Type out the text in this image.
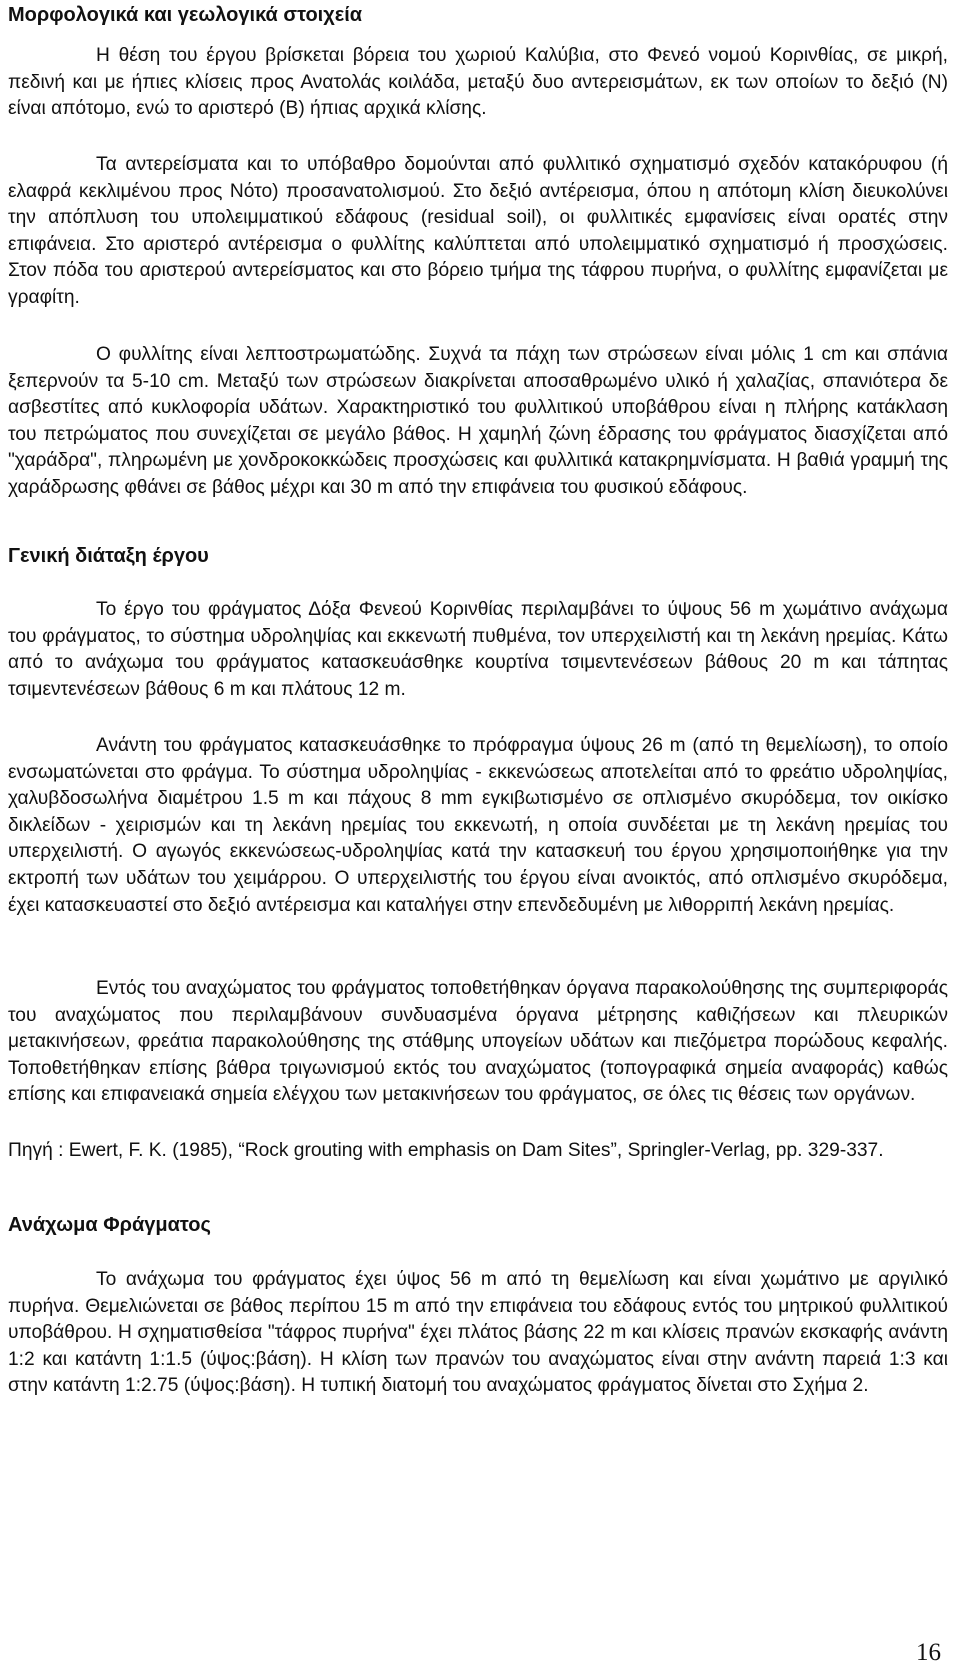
Μορφολογικά και γεωλογικά στοιχεία

Η θέση του έργου βρίσκεται βόρεια του χωριού Καλύβια, στο Φενεό νομού Κορινθίας, σε μικρή, πεδινή και με ήπιες κλίσεις προς Ανατολάς κοιλάδα, μεταξύ δυο αντερεισμάτων, εκ των οποίων το δεξιό (Ν) είναι απότομο, ενώ το αριστερό (Β) ήπιας αρχικά κλίσης.

Τα αντερείσματα και το υπόβαθρο δομούνται από φυλλιτικό σχηματισμό σχεδόν κατακόρυφου (ή ελαφρά κεκλιμένου προς Νότο) προσανατολισμού. Στο δεξιό αντέρεισμα, όπου η απότομη κλίση διευκολύνει την απόπλυση του υπολειμματικού εδάφους (residual soil), οι φυλλιτικές εμφανίσεις είναι ορατές στην επιφάνεια. Στο αριστερό αντέρεισμα ο φυλλίτης καλύπτεται από υπολειμματικό σχηματισμό ή προσχώσεις. Στον πόδα του αριστερού αντερείσματος και στο βόρειο τμήμα της τάφρου πυρήνα, ο φυλλίτης εμφανίζεται με γραφίτη.

Ο φυλλίτης είναι λεπτοστρωματώδης. Συχνά τα πάχη των στρώσεων είναι μόλις 1 cm και σπάνια ξεπερνούν τα 5-10 cm. Μεταξύ των στρώσεων διακρίνεται αποσαθρωμένο υλικό ή χαλαζίας, σπανιότερα δε ασβεστίτες από κυκλοφορία υδάτων. Χαρακτηριστικό του φυλλιτικού υποβάθρου είναι η πλήρης κατάκλαση του πετρώματος που συνεχίζεται σε μεγάλο βάθος. Η χαμηλή ζώνη έδρασης του φράγματος διασχίζεται από "χαράδρα", πληρωμένη με χονδροκοκκώδεις προσχώσεις και φυλλιτικά κατακρημνίσματα. Η βαθιά γραμμή της χαράδρωσης φθάνει σε βάθος μέχρι και 30 m από την επιφάνεια του φυσικού εδάφους.

Γενική διάταξη έργου

Το έργο του φράγματος Δόξα Φενεού Κορινθίας περιλαμβάνει το ύψους 56 m χωμάτινο ανάχωμα του φράγματος, το σύστημα υδροληψίας και εκκενωτή πυθμένα, τον υπερχειλιστή και τη λεκάνη ηρεμίας. Κάτω από το ανάχωμα του φράγματος κατασκευάσθηκε κουρτίνα τσιμεντενέσεων βάθους 20 m και τάπητας τσιμεντενέσεων βάθους 6 m και πλάτους 12 m.

Ανάντη του φράγματος κατασκευάσθηκε το πρόφραγμα ύψους 26 m (από τη θεμελίωση), το οποίο ενσωματώνεται στο φράγμα. Το σύστημα υδροληψίας - εκκενώσεως αποτελείται από το φρεάτιο υδροληψίας, χαλυβδοσωλήνα διαμέτρου 1.5 m και πάχους 8 mm εγκιβωτισμένο σε οπλισμένο σκυρόδεμα, τον οικίσκο δικλείδων - χειρισμών και τη λεκάνη ηρεμίας του εκκενωτή, η οποία συνδέεται με τη λεκάνη ηρεμίας του υπερχειλιστή. Ο αγωγός εκκενώσεως-υδροληψίας κατά την κατασκευή του έργου χρησιμοποιήθηκε για την εκτροπή των υδάτων του χειμάρρου. Ο υπερχειλιστής του έργου είναι ανοικτός, από οπλισμένο σκυρόδεμα, έχει κατασκευαστεί στο δεξιό αντέρεισμα και καταλήγει στην επενδεδυμένη με λιθορριπή λεκάνη ηρεμίας.

Εντός του αναχώματος του φράγματος τοποθετήθηκαν όργανα παρακολούθησης της συμπεριφοράς του αναχώματος που περιλαμβάνουν συνδυασμένα όργανα μέτρησης καθιζήσεων και πλευρικών μετακινήσεων, φρεάτια παρακολούθησης της στάθμης υπογείων υδάτων και πιεζόμετρα πορώδους κεφαλής. Τοποθετήθηκαν επίσης βάθρα τριγωνισμού εκτός του αναχώματος (τοπογραφικά σημεία αναφοράς) καθώς επίσης και επιφανειακά σημεία ελέγχου των μετακινήσεων του φράγματος, σε όλες τις θέσεις των οργάνων.

Πηγή : Ewert, F. K. (1985), “Rock grouting with emphasis on Dam Sites”, Springler-Verlag, pp. 329-337.

Ανάχωμα Φράγματος

Το ανάχωμα του φράγματος έχει ύψος 56 m από τη θεμελίωση και είναι χωμάτινο με αργιλικό πυρήνα. Θεμελιώνεται σε βάθος περίπου 15 m από την επιφάνεια του εδάφους εντός του μητρικού φυλλιτικού υποβάθρου. Η σχηματισθείσα "τάφρος πυρήνα" έχει πλάτος βάσης 22 m και κλίσεις πρανών εκσκαφής ανάντη 1:2 και κατάντη 1:1.5 (ύψος:βάση). Η κλίση των πρανών του αναχώματος είναι στην ανάντη παρειά 1:3 και στην κατάντη 1:2.75 (ύψος:βάση). Η τυπική διατομή του αναχώματος φράγματος δίνεται στο Σχήμα 2.

16
